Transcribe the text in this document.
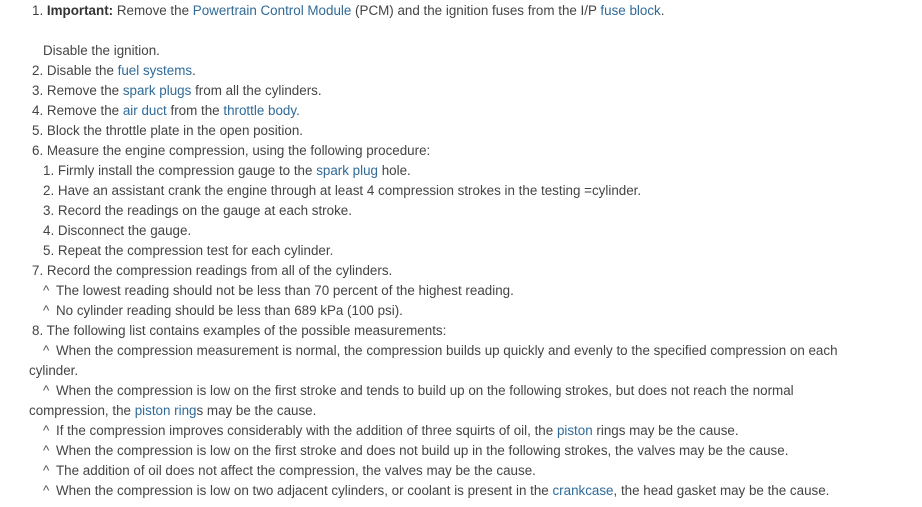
1. Important: Remove the Powertrain Control Module (PCM) and the ignition fuses from the I/P fuse block.
Disable the ignition.
2. Disable the fuel systems.
3. Remove the spark plugs from all the cylinders.
4. Remove the air duct from the throttle body.
5. Block the throttle plate in the open position.
6. Measure the engine compression, using the following procedure:
1. Firmly install the compression gauge to the spark plug hole.
2. Have an assistant crank the engine through at least 4 compression strokes in the testing =cylinder.
3. Record the readings on the gauge at each stroke.
4. Disconnect the gauge.
5. Repeat the compression test for each cylinder.
7. Record the compression readings from all of the cylinders.
^ The lowest reading should not be less than 70 percent of the highest reading.
^ No cylinder reading should be less than 689 kPa (100 psi).
8. The following list contains examples of the possible measurements:
^ When the compression measurement is normal, the compression builds up quickly and evenly to the specified compression on each
cylinder.
^ When the compression is low on the first stroke and tends to build up on the following strokes, but does not reach the normal
compression, the piston rings may be the cause.
^ If the compression improves considerably with the addition of three squirts of oil, the piston rings may be the cause.
^ When the compression is low on the first stroke and does not build up in the following strokes, the valves may be the cause.
^ The addition of oil does not affect the compression, the valves may be the cause.
^ When the compression is low on two adjacent cylinders, or coolant is present in the crankcase, the head gasket may be the cause.
